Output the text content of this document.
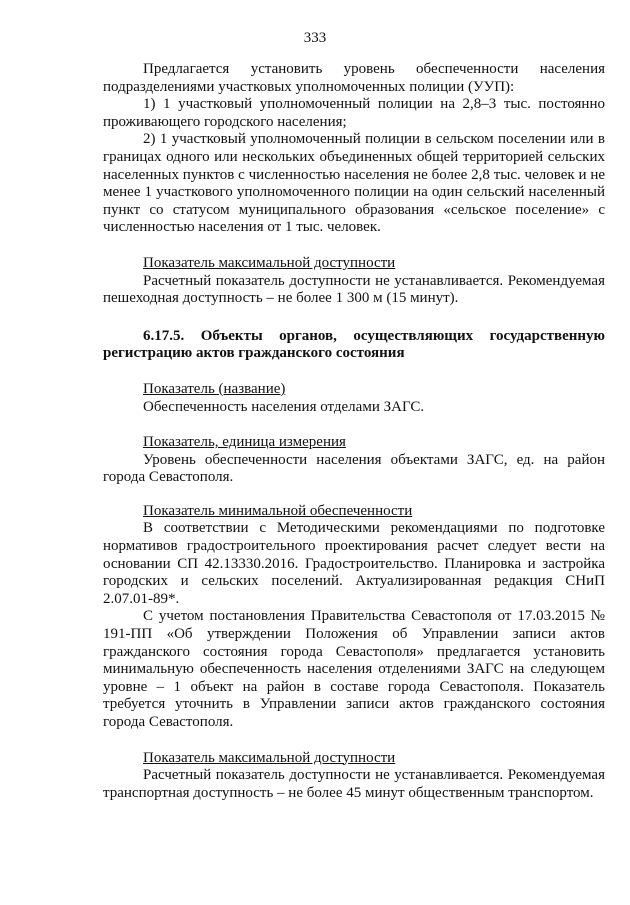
333

Предлагается установить уровень обеспеченности населения подразделениями участковых уполномоченных полиции (УУП):

1) 1 участковый уполномоченный полиции на 2,8–3 тыс. постоянно проживающего городского населения;

2) 1 участковый уполномоченный полиции в сельском поселении или в границах одного или нескольких объединенных общей территорией сельских населенных пунктов с численностью населения не более 2,8 тыс. человек и не менее 1 участкового уполномоченного полиции на один сельский населенный пункт со статусом муниципального образования «сельское поселение» с численностью населения от 1 тыс. человек.

Показатель максимальной доступности

Расчетный показатель доступности не устанавливается. Рекомендуемая пешеходная доступность – не более 1 300 м (15 минут).

6.17.5. Объекты органов, осуществляющих государственную регистрацию актов гражданского состояния

Показатель (название)

Обеспеченность населения отделами ЗАГС.

Показатель, единица измерения

Уровень обеспеченности населения объектами ЗАГС, ед. на район города Севастополя.

Показатель минимальной обеспеченности

В соответствии с Методическими рекомендациями по подготовке нормативов градостроительного проектирования расчет следует вести на основании СП 42.13330.2016. Градостроительство. Планировка и застройка городских и сельских поселений. Актуализированная редакция СНиП 2.07.01-89*.

С учетом постановления Правительства Севастополя от 17.03.2015 № 191-ПП «Об утверждении Положения об Управлении записи актов гражданского состояния города Севастополя» предлагается установить минимальную обеспеченность населения отделениями ЗАГС на следующем уровне – 1 объект на район в составе города Севастополя. Показатель требуется уточнить в Управлении записи актов гражданского состояния города Севастополя.

Показатель максимальной доступности

Расчетный показатель доступности не устанавливается. Рекомендуемая транспортная доступность – не более 45 минут общественным транспортом.
